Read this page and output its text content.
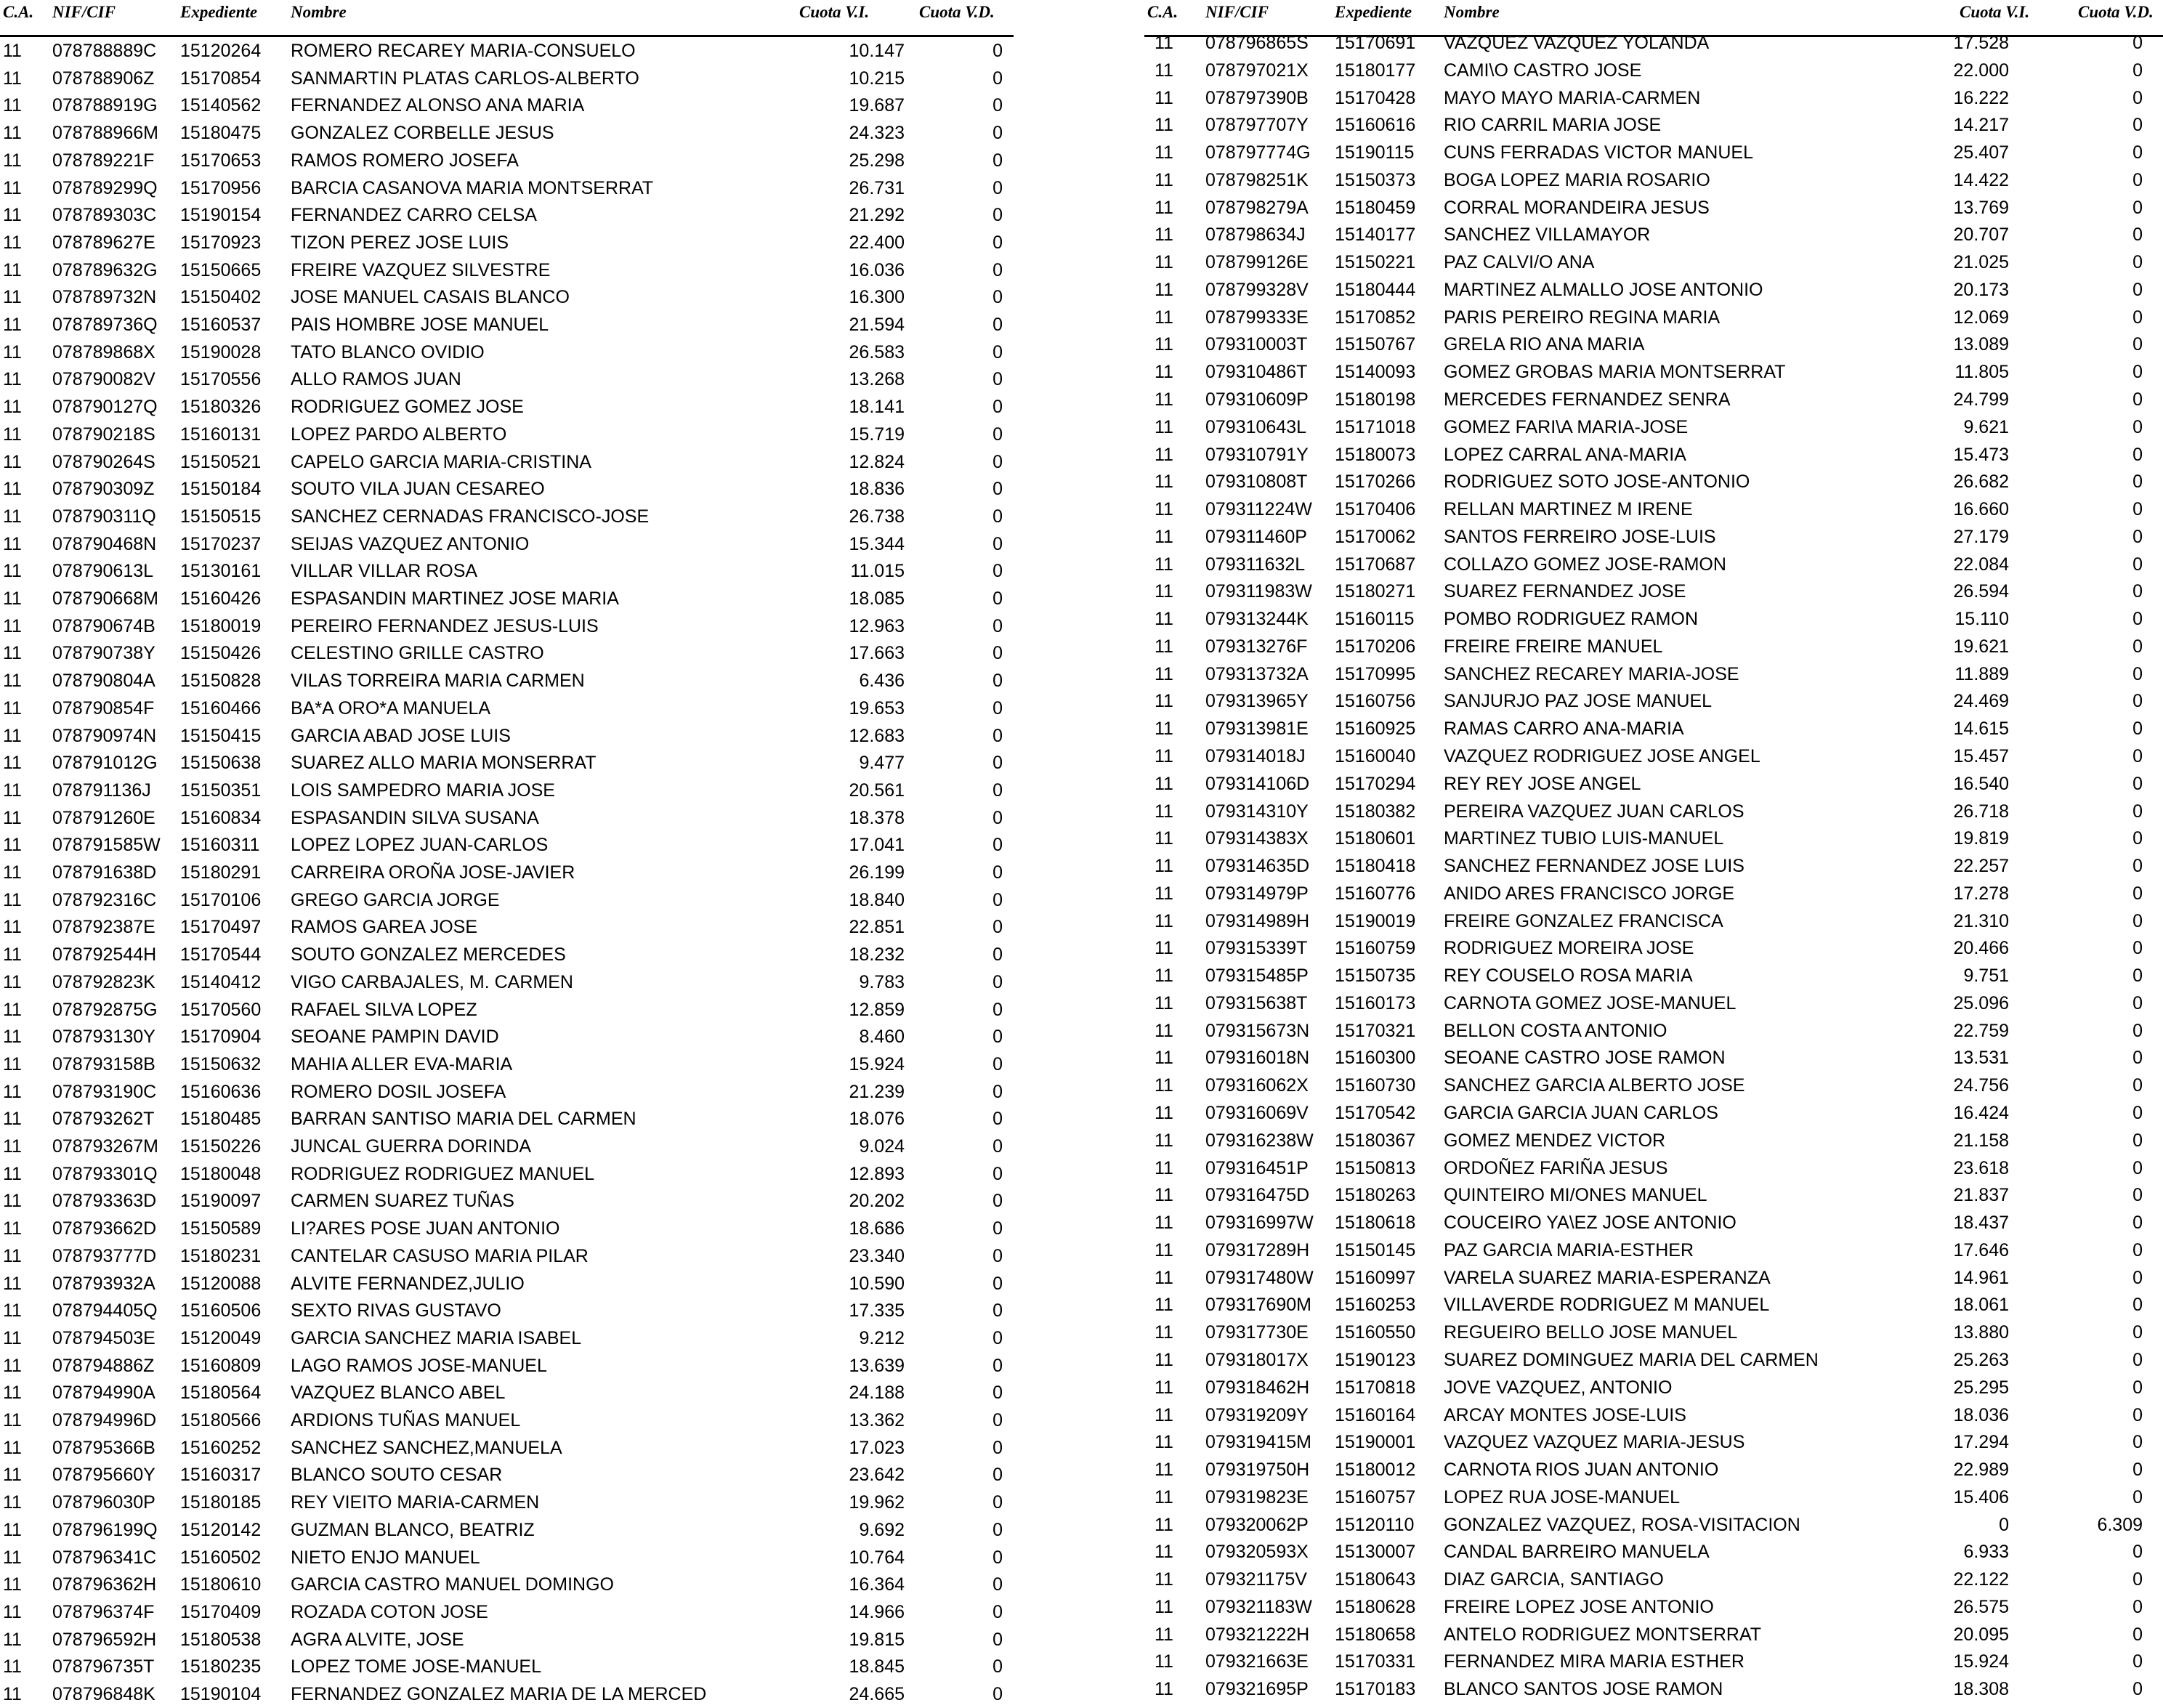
C.A. NIF/CIF	Expediente Nombre	Cuota V.I.	Cuota V.D.
11 078788889C 15120264 ROMERO RECAREY MARIA-CONSUELO	10.147	0
11 078788906Z 15170854 SANMARTIN PLATAS CARLOS-ALBERTO	10.215	0
11 078788919G 15140562 FERNANDEZ ALONSO ANA MARIA	19.687	0
11 078788966M 15180475 GONZALEZ CORBELLE JESUS	24.323	0
11 078789221F 15170653 RAMOS ROMERO JOSEFA	25.298	0
11 078789299Q 15170956 BARCIA CASANOVA MARIA MONTSERRAT	26.731	0
11 078789303C 15190154 FERNANDEZ CARRO CELSA	21.292	0
11 078789627E 15170923 TIZON PEREZ JOSE LUIS	22.400	0
11 078789632G 15150665 FREIRE VAZQUEZ SILVESTRE	16.036	0
11 078789732N 15150402 JOSE MANUEL CASAIS BLANCO	16.300	0
11 078789736Q 15160537 PAIS HOMBRE JOSE MANUEL	21.594	0
11 078789868X 15190028 TATO BLANCO OVIDIO	26.583	0
11 078790082V 15170556 ALLO RAMOS JUAN	13.268	0
11 078790127Q 15180326 RODRIGUEZ GOMEZ JOSE	18.141	0
11 078790218S 15160131 LOPEZ PARDO ALBERTO	15.719	0
11 078790264S 15150521 CAPELO GARCIA MARIA-CRISTINA	12.824	0
11 078790309Z 15150184 SOUTO VILA JUAN CESAREO	18.836	0
11 078790311Q 15150515 SANCHEZ CERNADAS FRANCISCO-JOSE	26.738	0
11 078790468N 15170237 SEIJAS VAZQUEZ ANTONIO	15.344	0
11 078790613L 15130161 VILLAR VILLAR ROSA	11.015	0
11 078790668M 15160426 ESPASANDIN MARTINEZ JOSE MARIA	18.085	0
11 078790674B 15180019 PEREIRO FERNANDEZ JESUS-LUIS	12.963	0
11 078790738Y 15150426 CELESTINO GRILLE CASTRO	17.663	0
11 078790804A 15150828 VILAS TORREIRA MARIA CARMEN	6.436	0
11 078790854F 15160466 BA*A ORO*A MANUELA	19.653	0
11 078790974N 15150415 GARCIA ABAD JOSE LUIS	12.683	0
11 078791012G 15150638 SUAREZ ALLO MARIA MONSERRAT	9.477	0
11 078791136J 15150351 LOIS SAMPEDRO MARIA JOSE	20.561	0
11 078791260E 15160834 ESPASANDIN SILVA SUSANA	18.378	0
11 078791585W 15160311 LOPEZ LOPEZ JUAN-CARLOS	17.041	0
11 078791638D 15180291 CARREIRA OROÑA JOSE-JAVIER	26.199	0
11 078792316C 15170106 GREGO GARCIA JORGE	18.840	0
11 078792387E 15170497 RAMOS GAREA JOSE	22.851	0
11 078792544H 15170544 SOUTO GONZALEZ MERCEDES	18.232	0
11 078792823K 15140412 VIGO CARBAJALES, M. CARMEN	9.783	0
11 078792875G 15170560 RAFAEL SILVA LOPEZ	12.859	0
11 078793130Y 15170904 SEOANE PAMPIN DAVID	8.460	0
11 078793158B 15150632 MAHIA ALLER EVA-MARIA	15.924	0
11 078793190C 15160636 ROMERO DOSIL JOSEFA	21.239	0
11 078793262T 15180485 BARRAN SANTISO MARIA DEL CARMEN	18.076	0
11 078793267M 15150226 JUNCAL GUERRA DORINDA	9.024	0
11 078793301Q 15180048 RODRIGUEZ RODRIGUEZ MANUEL	12.893	0
11 078793363D 15190097 CARMEN SUAREZ TUÑAS	20.202	0
11 078793662D 15150589 LI?ARES POSE JUAN ANTONIO	18.686	0
11 078793777D 15180231 CANTELAR CASUSO MARIA PILAR	23.340	0
11 078793932A 15120088 ALVITE FERNANDEZ,JULIO	10.590	0
11 078794405Q 15160506 SEXTO RIVAS GUSTAVO	17.335	0
11 078794503E 15120049 GARCIA SANCHEZ MARIA ISABEL	9.212	0
11 078794886Z 15160809 LAGO RAMOS JOSE-MANUEL	13.639	0
11 078794990A 15180564 VAZQUEZ BLANCO ABEL	24.188	0
11 078794996D 15180566 ARDIONS TUÑAS MANUEL	13.362	0
11 078795366B 15160252 SANCHEZ SANCHEZ,MANUELA	17.023	0
11 078795660Y 15160317 BLANCO SOUTO CESAR	23.642	0
11 078796030P 15180185 REY VIEITO MARIA-CARMEN	19.962	0
11 078796199Q 15120142 GUZMAN BLANCO, BEATRIZ	9.692	0
11 078796341C 15160502 NIETO ENJO MANUEL	10.764	0
11 078796362H 15180610 GARCIA CASTRO MANUEL DOMINGO	16.364	0
11 078796374F 15170409 ROZADA COTON JOSE	14.966	0
11 078796592H 15180538 AGRA ALVITE, JOSE	19.815	0
11 078796735T 15180235 LOPEZ TOME JOSE-MANUEL	18.845	0
11 078796848K 15190104 FERNANDEZ GONZALEZ MARIA DE LA MERCED	24.665	0
C.A. NIF/CIF	Expediente Nombre	Cuota V.I.	Cuota V.D.
11 078796865S 15170691 VAZQUEZ VAZQUEZ YOLANDA	17.528	0
11 078797021X 15180177 CAMI\O CASTRO JOSE	22.000	0
11 078797390B 15170428 MAYO MAYO MARIA-CARMEN	16.222	0
11 078797707Y 15160616 RIO CARRIL MARIA JOSE	14.217	0
11 078797774G 15190115 CUNS FERRADAS VICTOR MANUEL	25.407	0
11 078798251K 15150373 BOGA LOPEZ MARIA ROSARIO	14.422	0
11 078798279A 15180459 CORRAL MORANDEIRA JESUS	13.769	0
11 078798634J 15140177 SANCHEZ VILLAMAYOR	20.707	0
11 078799126E 15150221 PAZ CALVI/O ANA	21.025	0
11 078799328V 15180444 MARTINEZ ALMALLO JOSE ANTONIO	20.173	0
11 078799333E 15170852 PARIS PEREIRO REGINA MARIA	12.069	0
11 079310003T 15150767 GRELA RIO ANA MARIA	13.089	0
11 079310486T 15140093 GOMEZ GROBAS MARIA MONTSERRAT	11.805	0
11 079310609P 15180198 MERCEDES FERNANDEZ SENRA	24.799	0
11 079310643L 15171018 GOMEZ FARI\A MARIA-JOSE	9.621	0
11 079310791Y 15180073 LOPEZ CARRAL ANA-MARIA	15.473	0
11 079310808T 15170266 RODRIGUEZ SOTO JOSE-ANTONIO	26.682	0
11 079311224W 15170406 RELLAN MARTINEZ M IRENE	16.660	0
11 079311460P 15170062 SANTOS FERREIRO JOSE-LUIS	27.179	0
11 079311632L 15170687 COLLAZO GOMEZ JOSE-RAMON	22.084	0
11 079311983W 15180271 SUAREZ FERNANDEZ JOSE	26.594	0
11 079313244K 15160115 POMBO RODRIGUEZ RAMON	15.110	0
11 079313276F 15170206 FREIRE FREIRE MANUEL	19.621	0
11 079313732A 15170995 SANCHEZ RECAREY MARIA-JOSE	11.889	0
11 079313965Y 15160756 SANJURJO PAZ JOSE MANUEL	24.469	0
11 079313981E 15160925 RAMAS CARRO ANA-MARIA	14.615	0
11 079314018J 15160040 VAZQUEZ RODRIGUEZ JOSE ANGEL	15.457	0
11 079314106D 15170294 REY REY JOSE ANGEL	16.540	0
11 079314310Y 15180382 PEREIRA VAZQUEZ JUAN CARLOS	26.718	0
11 079314383X 15180601 MARTINEZ TUBIO LUIS-MANUEL	19.819	0
11 079314635D 15180418 SANCHEZ FERNANDEZ JOSE LUIS	22.257	0
11 079314979P 15160776 ANIDO ARES FRANCISCO JORGE	17.278	0
11 079314989H 15190019 FREIRE GONZALEZ FRANCISCA	21.310	0
11 079315339T 15160759 RODRIGUEZ MOREIRA JOSE	20.466	0
11 079315485P 15150735 REY COUSELO ROSA MARIA	9.751	0
11 079315638T 15160173 CARNOTA GOMEZ JOSE-MANUEL	25.096	0
11 079315673N 15170321 BELLON COSTA ANTONIO	22.759	0
11 079316018N 15160300 SEOANE CASTRO JOSE RAMON	13.531	0
11 079316062X 15160730 SANCHEZ GARCIA ALBERTO JOSE	24.756	0
11 079316069V 15170542 GARCIA GARCIA JUAN CARLOS	16.424	0
11 079316238W 15180367 GOMEZ MENDEZ VICTOR	21.158	0
11 079316451P 15150813 ORDOÑEZ FARIÑA JESUS	23.618	0
11 079316475D 15180263 QUINTEIRO MI/ONES MANUEL	21.837	0
11 079316997W 15180618 COUCEIRO YA\EZ JOSE ANTONIO	18.437	0
11 079317289H 15150145 PAZ GARCIA MARIA-ESTHER	17.646	0
11 079317480W 15160997 VARELA SUAREZ MARIA-ESPERANZA	14.961	0
11 079317690M 15160253 VILLAVERDE RODRIGUEZ M MANUEL	18.061	0
11 079317730E 15160550 REGUEIRO BELLO JOSE MANUEL	13.880	0
11 079318017X 15190123 SUAREZ DOMINGUEZ MARIA DEL CARMEN	25.263	0
11 079318462H 15170818 JOVE VAZQUEZ, ANTONIO	25.295	0
11 079319209Y 15160164 ARCAY MONTES JOSE-LUIS	18.036	0
11 079319415M 15190001 VAZQUEZ VAZQUEZ MARIA-JESUS	17.294	0
11 079319750H 15180012 CARNOTA RIOS JUAN ANTONIO	22.989	0
11 079319823E 15160757 LOPEZ RUA JOSE-MANUEL	15.406	0
11 079320062P 15120110 GONZALEZ VAZQUEZ, ROSA-VISITACION	0	6.309
11 079320593X 15130007 CANDAL BARREIRO MANUELA	6.933	0
11 079321175V 15180643 DIAZ GARCIA, SANTIAGO	22.122	0
11 079321183W 15180628 FREIRE LOPEZ JOSE ANTONIO	26.575	0
11 079321222H 15180658 ANTELO RODRIGUEZ MONTSERRAT	20.095	0
11 079321663E 15170331 FERNANDEZ MIRA MARIA ESTHER	15.924	0
11 079321695P 15170183 BLANCO SANTOS JOSE RAMON	18.308	0
